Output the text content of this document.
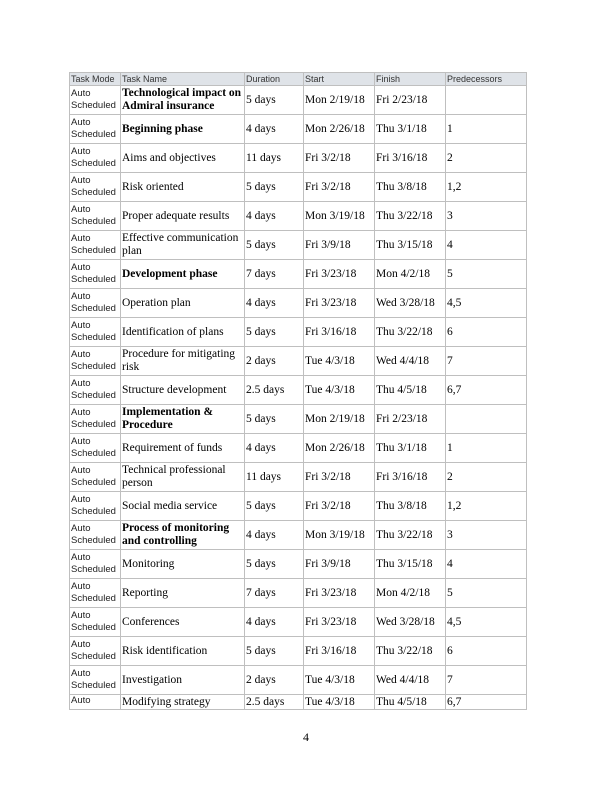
Task Mode	Task Name	Duration	Start	Finish	Predecessors
Auto Scheduled	Technological impact on Admiral insurance	5 days	Mon 2/19/18	Fri 2/23/18	
Auto Scheduled	Beginning phase	4 days	Mon 2/26/18	Thu 3/1/18	1
Auto Scheduled	Aims and objectives	11 days	Fri 3/2/18	Fri 3/16/18	2
Auto Scheduled	Risk oriented	5 days	Fri 3/2/18	Thu 3/8/18	1,2
Auto Scheduled	Proper adequate results	4 days	Mon 3/19/18	Thu 3/22/18	3
Auto Scheduled	Effective communication plan	5 days	Fri 3/9/18	Thu 3/15/18	4
Auto Scheduled	Development phase	7 days	Fri 3/23/18	Mon 4/2/18	5
Auto Scheduled	Operation plan	4 days	Fri 3/23/18	Wed 3/28/18	4,5
Auto Scheduled	Identification of plans	5 days	Fri 3/16/18	Thu 3/22/18	6
Auto Scheduled	Procedure for mitigating risk	2 days	Tue 4/3/18	Wed 4/4/18	7
Auto Scheduled	Structure development	2.5 days	Tue 4/3/18	Thu 4/5/18	6,7
Auto Scheduled	Implementation & Procedure	5 days	Mon 2/19/18	Fri 2/23/18	
Auto Scheduled	Requirement of funds	4 days	Mon 2/26/18	Thu 3/1/18	1
Auto Scheduled	Technical professional person	11 days	Fri 3/2/18	Fri 3/16/18	2
Auto Scheduled	Social media service	5 days	Fri 3/2/18	Thu 3/8/18	1,2
Auto Scheduled	Process of monitoring and controlling	4 days	Mon 3/19/18	Thu 3/22/18	3
Auto Scheduled	Monitoring	5 days	Fri 3/9/18	Thu 3/15/18	4
Auto Scheduled	Reporting	7 days	Fri 3/23/18	Mon 4/2/18	5
Auto Scheduled	Conferences	4 days	Fri 3/23/18	Wed 3/28/18	4,5
Auto Scheduled	Risk identification	5 days	Fri 3/16/18	Thu 3/22/18	6
Auto Scheduled	Investigation	2 days	Tue 4/3/18	Wed 4/4/18	7
Auto	Modifying strategy	2.5 days	Tue 4/3/18	Thu 4/5/18	6,7
4
